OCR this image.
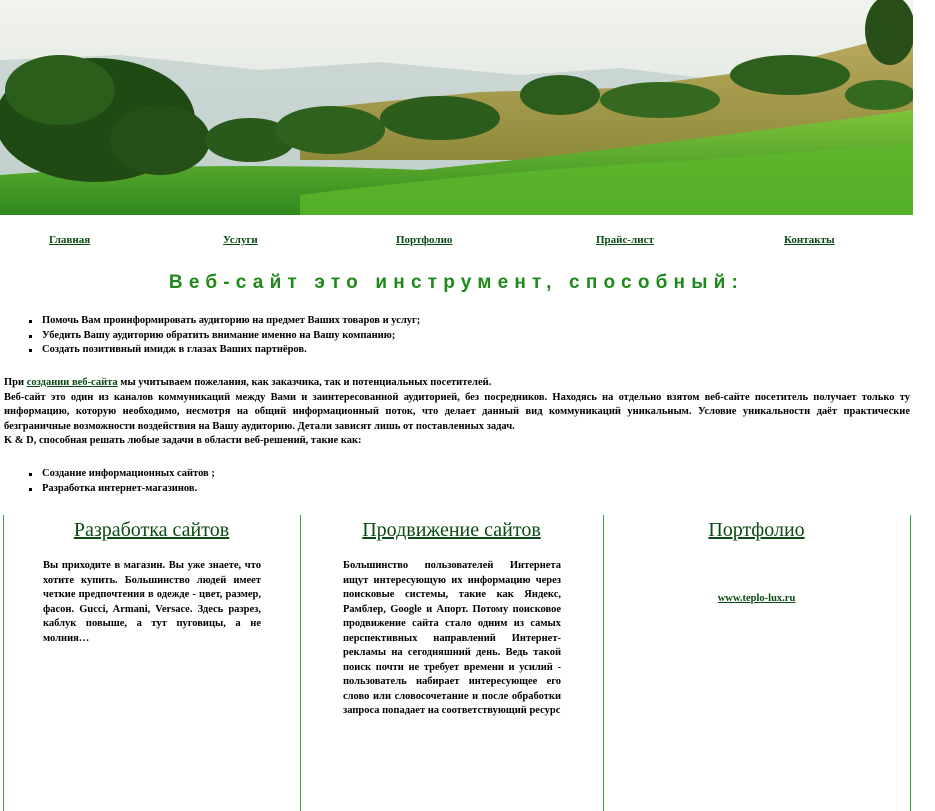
Главная	Услуги	Портфолио	Прайс-лист	Контакты
Веб-сайт это инструмент, способный:
Помочь Вам проинформировать аудиторию на предмет Ваших товаров и услуг;
Убедить Вашу аудиторию обратить внимание именно на Вашу компанию;
Создать позитивный имидж в глазах Ваших партнёров.

При создании веб-сайта мы учитываем пожелания, как заказчика, так и потенциальных посетителей.
Веб-сайт это один из каналов коммуникаций между Вами и заинтересованной аудиторией, без посредников. Находясь на отдельно взятом веб-сайте посетитель получает только ту информацию, которую необходимо, несмотря на общий информационный поток, что делает данный вид коммуникаций уникальным. Условие уникальности даёт практические безграничные возможности воздействия на Вашу аудиторию. Детали зависят лишь от поставленных задач.
K & D, способная решать любые задачи в области веб-решений, такие как:

Создание информационных сайтов ;
Разработка интернет-магазинов.
Разработка сайтов
Вы приходите в магазин. Вы уже знаете, что хотите купить. Большинство людей имеет четкие предпочтения в одежде - цвет, размер, фасон. Gucci, Armani, Versace. Здесь разрез, каблук повыше, а тут пуговицы, а не молния…
Продвижение сайтов
Большинство пользователей Интернета ищут интересующую их информацию через поисковые системы, такие как Яндекс, Рамблер, Google и Апорт. Потому поисковое продвижение сайта стало одним из самых перспективных направлений Интернет-рекламы на сегодняшний день. Ведь такой поиск почти не требует времени и усилий - пользователь набирает интересующее его слово или словосочетание и после обработки запроса попадает на соответствующий ресурс
Портфолио
www.teplo-lux.ru
